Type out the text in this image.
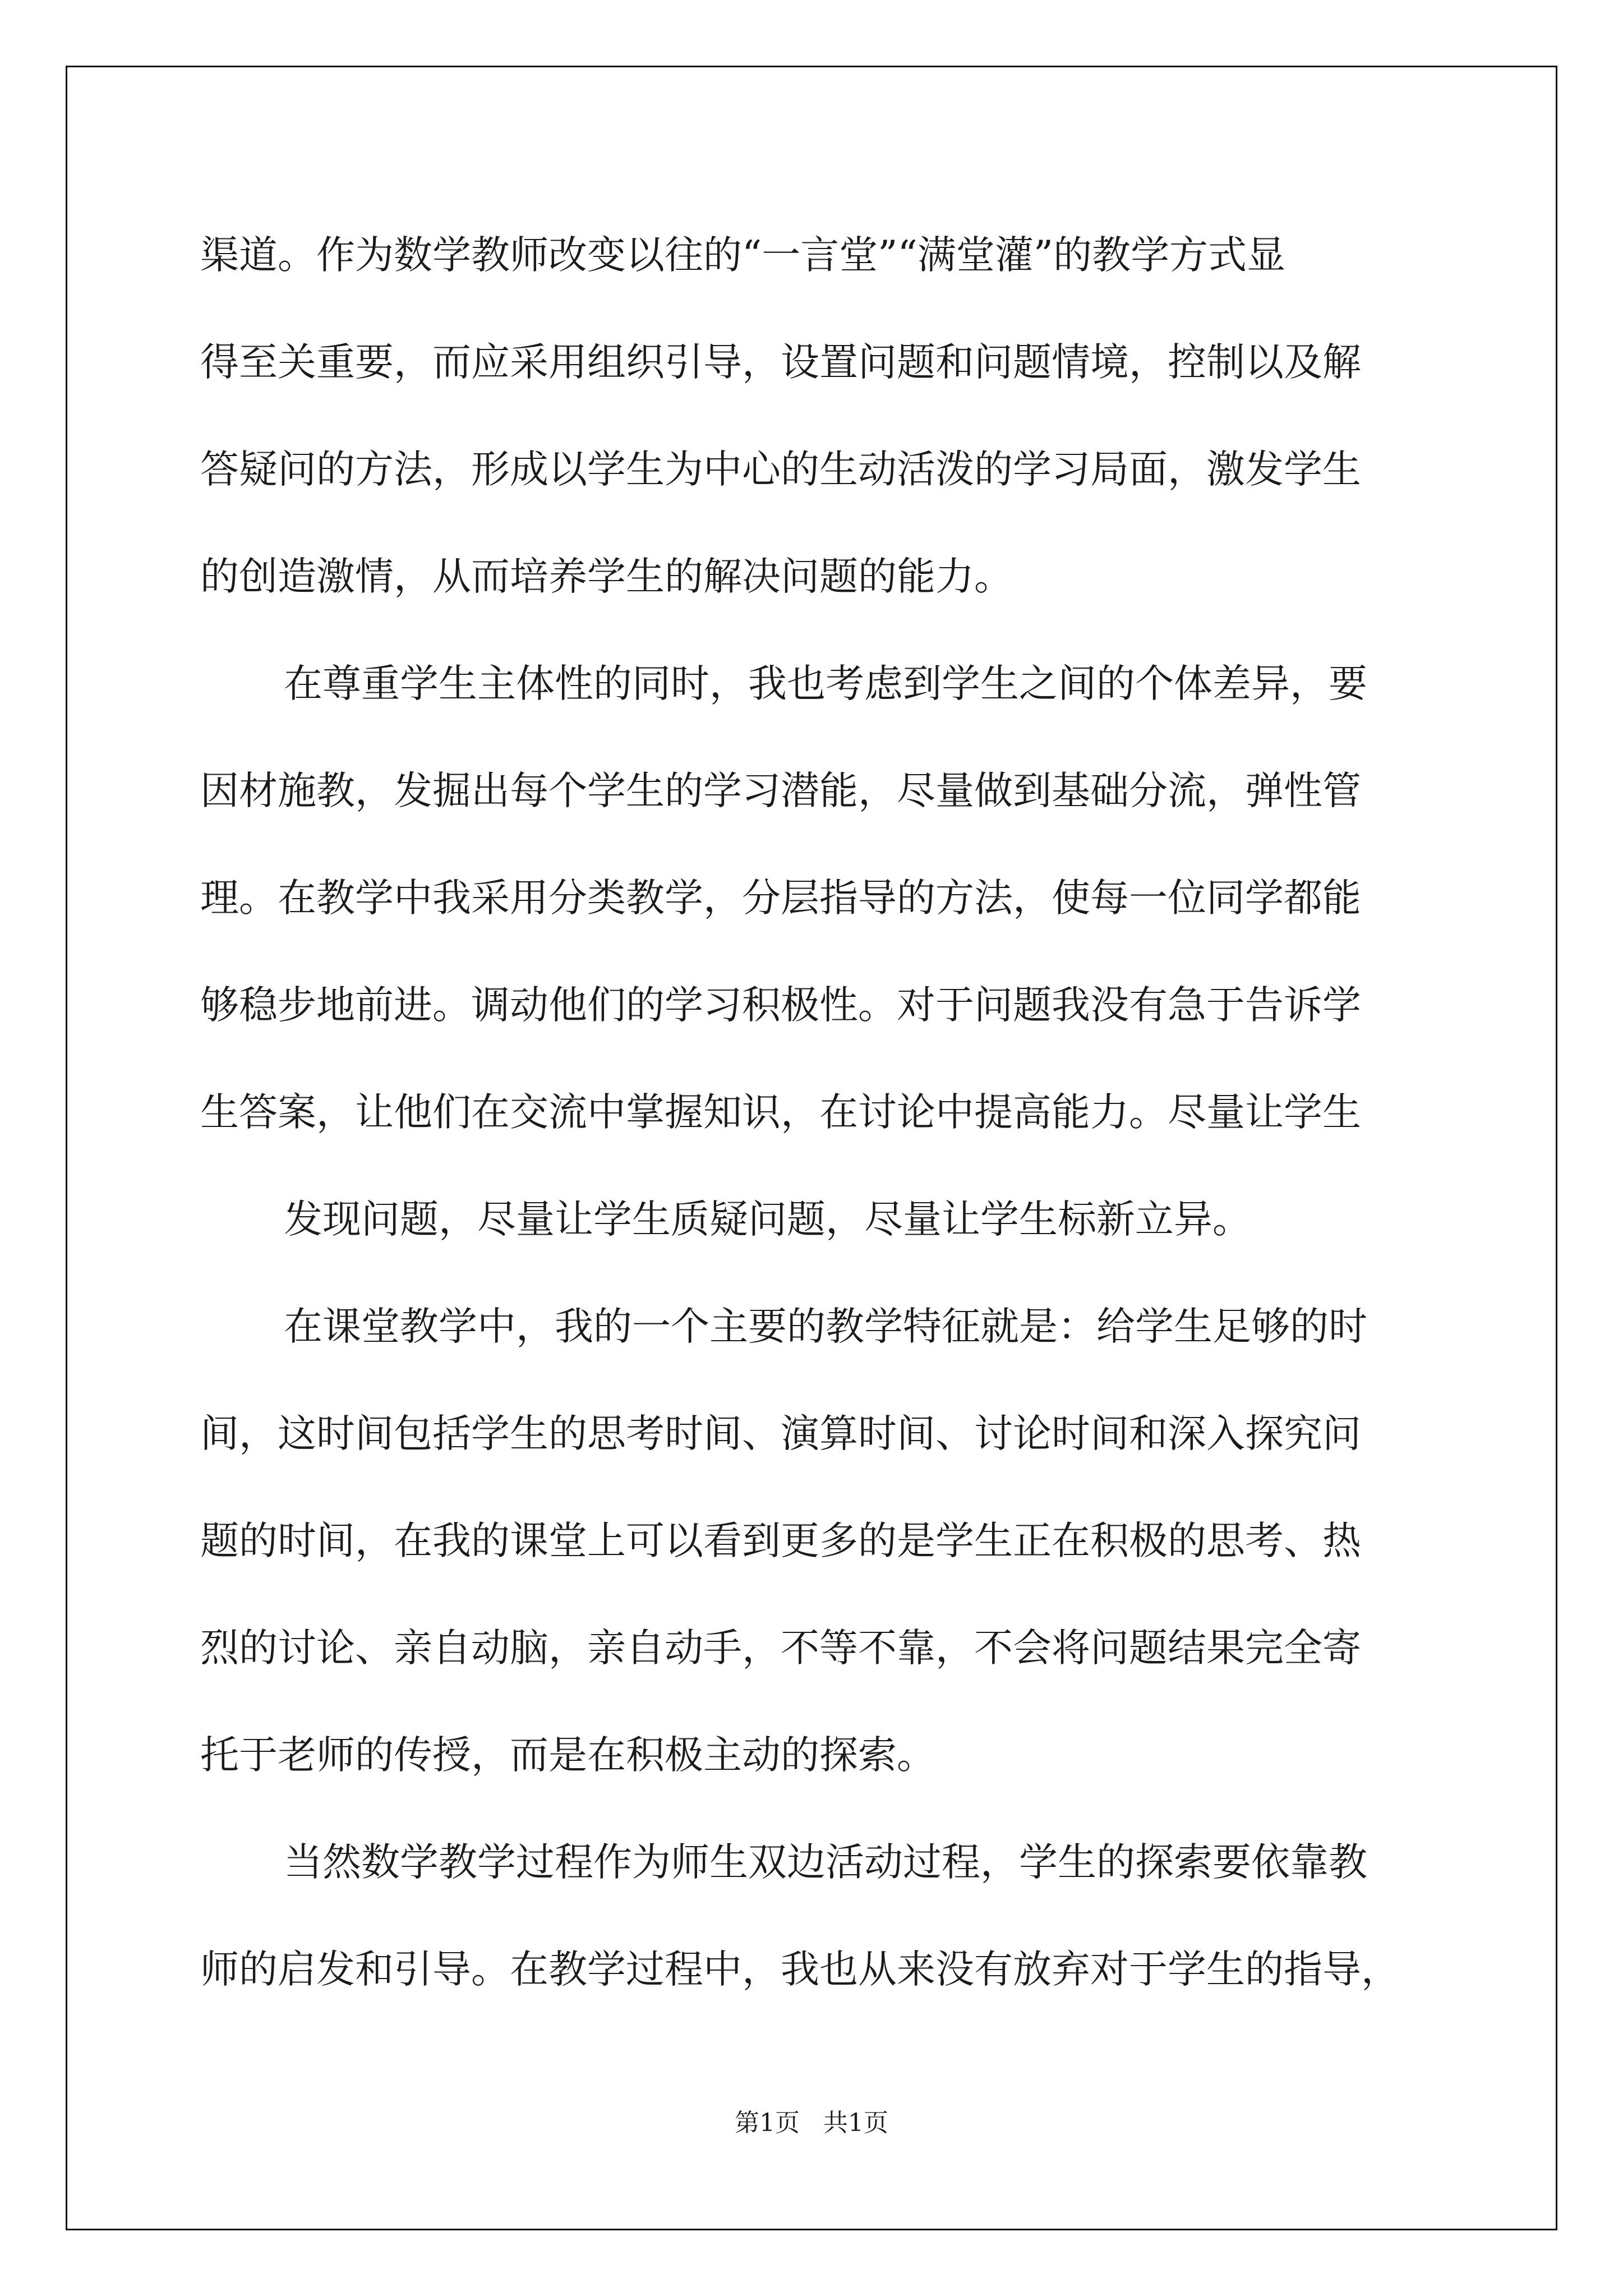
渠道。作为数学教师改变以往的“一言堂”“满堂灌”的教学方式显
得至关重要，而应采用组织引导，设置问题和问题情境，控制以及解
答疑问的方法，形成以学生为中心的生动活泼的学习局面，激发学生
的创造激情，从而培养学生的解决问题的能力。
在尊重学生主体性的同时，我也考虑到学生之间的个体差异，要
因材施教，发掘出每个学生的学习潜能，尽量做到基础分流，弹性管
理。在教学中我采用分类教学，分层指导的方法，使每一位同学都能
够稳步地前进。调动他们的学习积极性。对于问题我没有急于告诉学
生答案，让他们在交流中掌握知识，在讨论中提高能力。尽量让学生
发现问题，尽量让学生质疑问题，尽量让学生标新立异。
在课堂教学中，我的一个主要的教学特征就是：给学生足够的时
间，这时间包括学生的思考时间、演算时间、讨论时间和深入探究问
题的时间，在我的课堂上可以看到更多的是学生正在积极的思考、热
烈的讨论、亲自动脑，亲自动手，不等不靠，不会将问题结果完全寄
托于老师的传授，而是在积极主动的探索。
当然数学教学过程作为师生双边活动过程，学生的探索要依靠教
师的启发和引导。在教学过程中，我也从来没有放弃对于学生的指导，
第1页   共1页
